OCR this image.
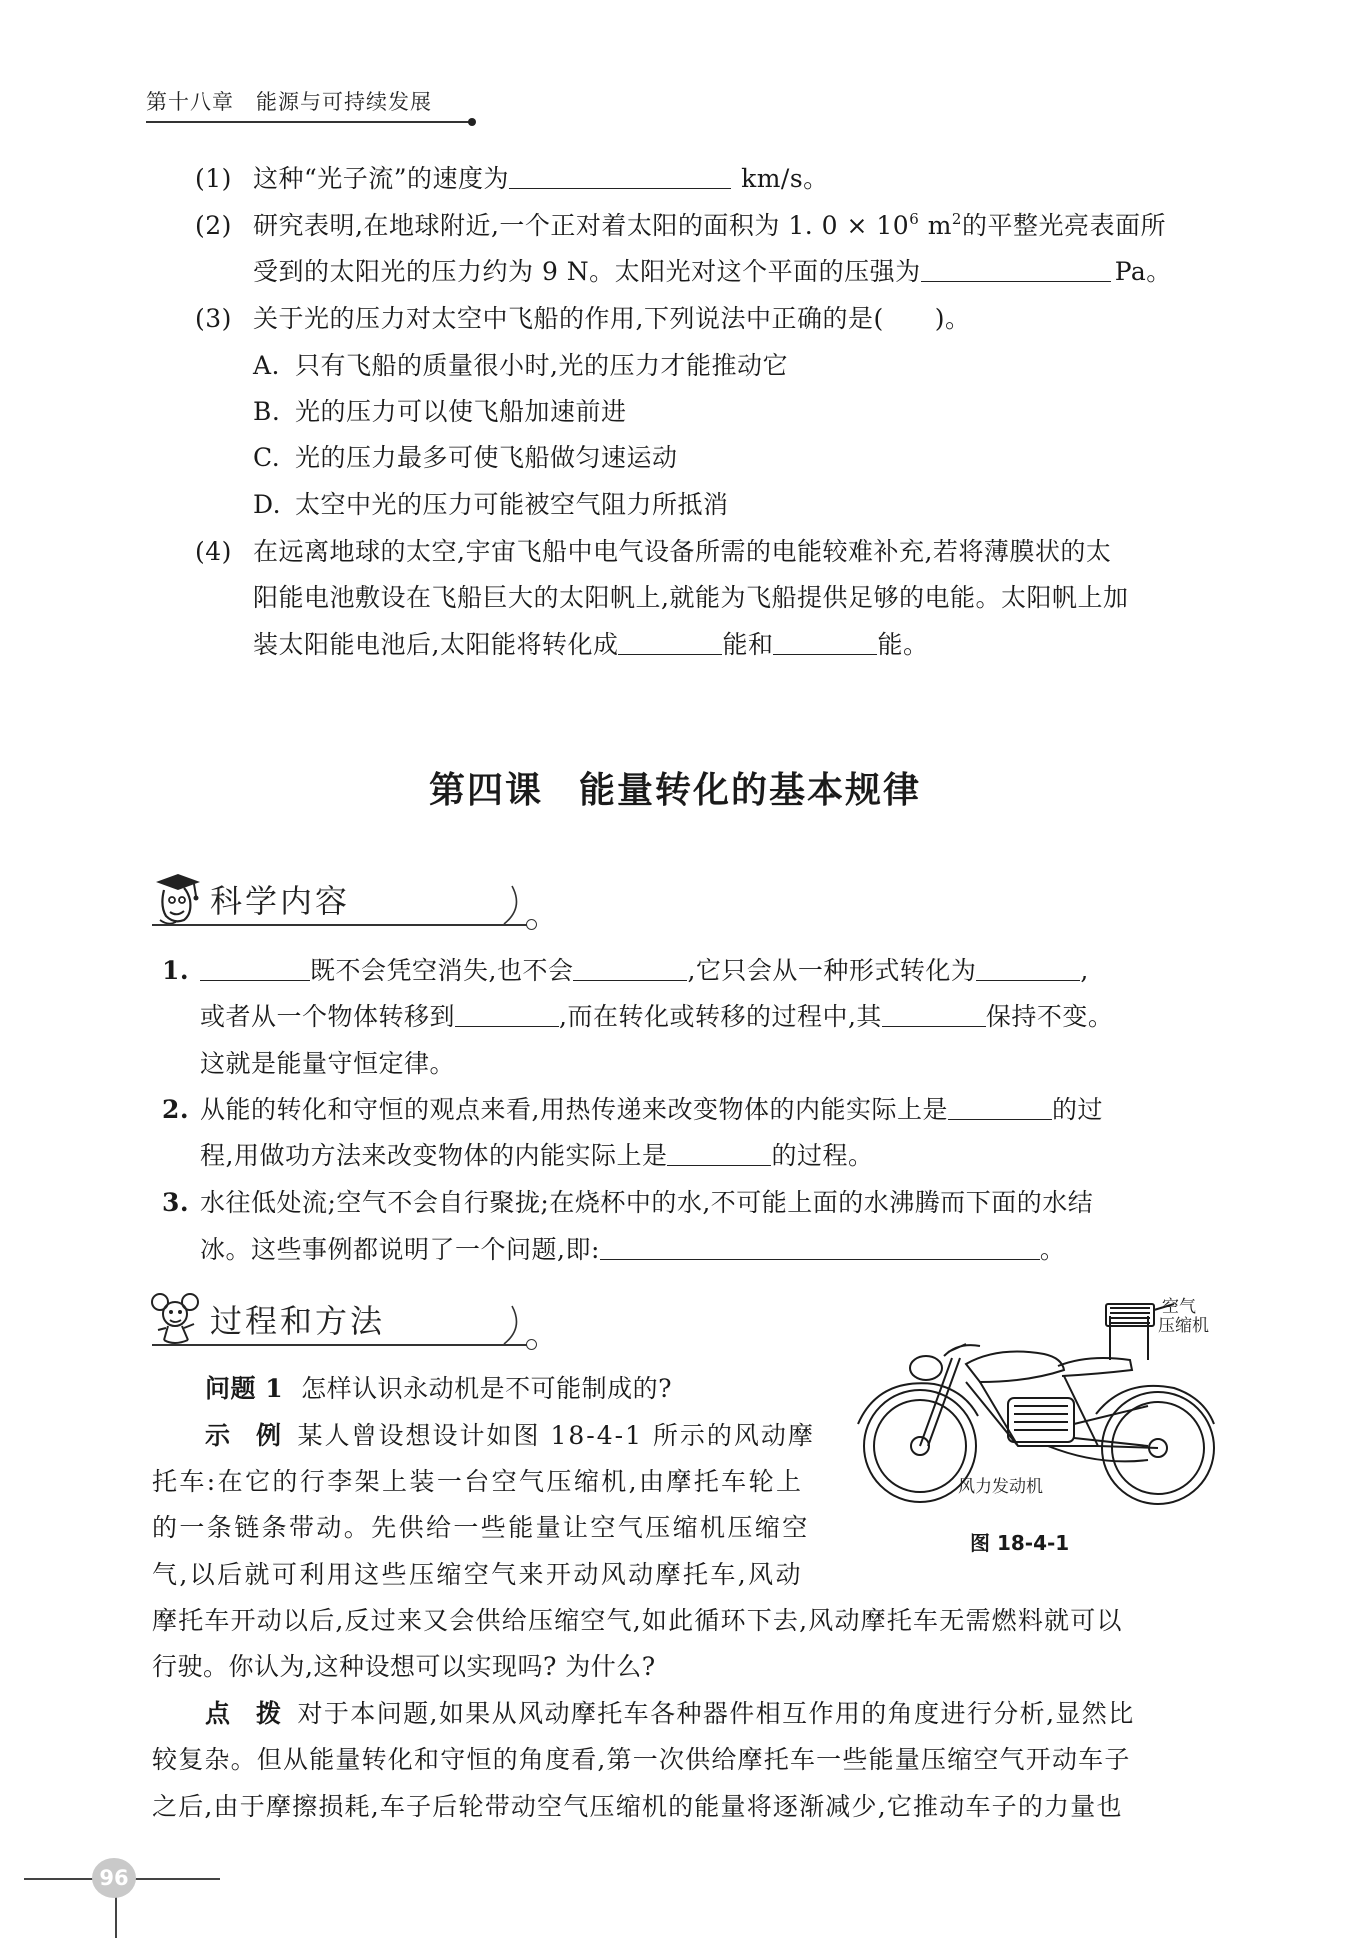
第十八章 能源与可持续发展
(1) 这种“光子流”的速度为	km/s。
(2) 研究表明,在地球附近,一个正对着太阳的面积为 1. $0 \times 10^6$ $m^2$的平整光亮表面所
受到的太阳光的压力约为 9 N。太阳光对这个平面的压强为	Pa。
(3) 关于光的压力对太空中飞船的作用,下列说法中正确的是(　　)。
A. 只有飞船的质量很小时,光的压力才能推动它
B. 光的压力可以使飞船加速前进
C. 光的压力最多可使飞船做匀速运动
D. 太空中光的压力可能被空气阻力所抵消
(4) 在远离地球的太空,宇宙飞船中电气设备所需的电能较难补充,若将薄膜状的太
阳能电池敷设在飞船巨大的太阳帆上,就能为飞船提供足够的电能。太阳帆上加
装太阳能电池后,太阳能将转化成	能和	能。
第四课 能量转化的基本规律
科学内容
1.	既不会凭空消失,也不会	,它只会从一种形式转化为	,
或者从一个物体转移到	,而在转化或转移的过程中,其	保持不变。
这就是能量守恒定律。
2. 从能的转化和守恒的观点来看,用热传递来改变物体的内能实际上是	的过
程,用做功方法来改变物体的内能实际上是	的过程。
3. 水往低处流;空气不会自行聚拢;在烧杯中的水,不可能上面的水沸腾而下面的水结
冰。这些事例都说明了一个问题,即:	。
过程和方法
问题 1 怎样认识永动机是不可能制成的?
示　例 某人曾设想设计如图 18-4-1 所示的风动摩
托车:在它的行李架上装一台空气压缩机,由摩托车轮上
的一条链条带动。先供给一些能量让空气压缩机压缩空
气,以后就可利用这些压缩空气来开动风动摩托车,风动
摩托车开动以后,反过来又会供给压缩空气,如此循环下去,风动摩托车无需燃料就可以
行驶。你认为,这种设想可以实现吗? 为什么?
点　拨 对于本问题,如果从风动摩托车各种器件相互作用的角度进行分析,显然比
较复杂。但从能量转化和守恒的角度看,第一次供给摩托车一些能量压缩空气开动车子
之后,由于摩擦损耗,车子后轮带动空气压缩机的能量将逐渐减少,它推动车子的力量也
空气
压缩机
风力发动机
图 18-4-1
96
